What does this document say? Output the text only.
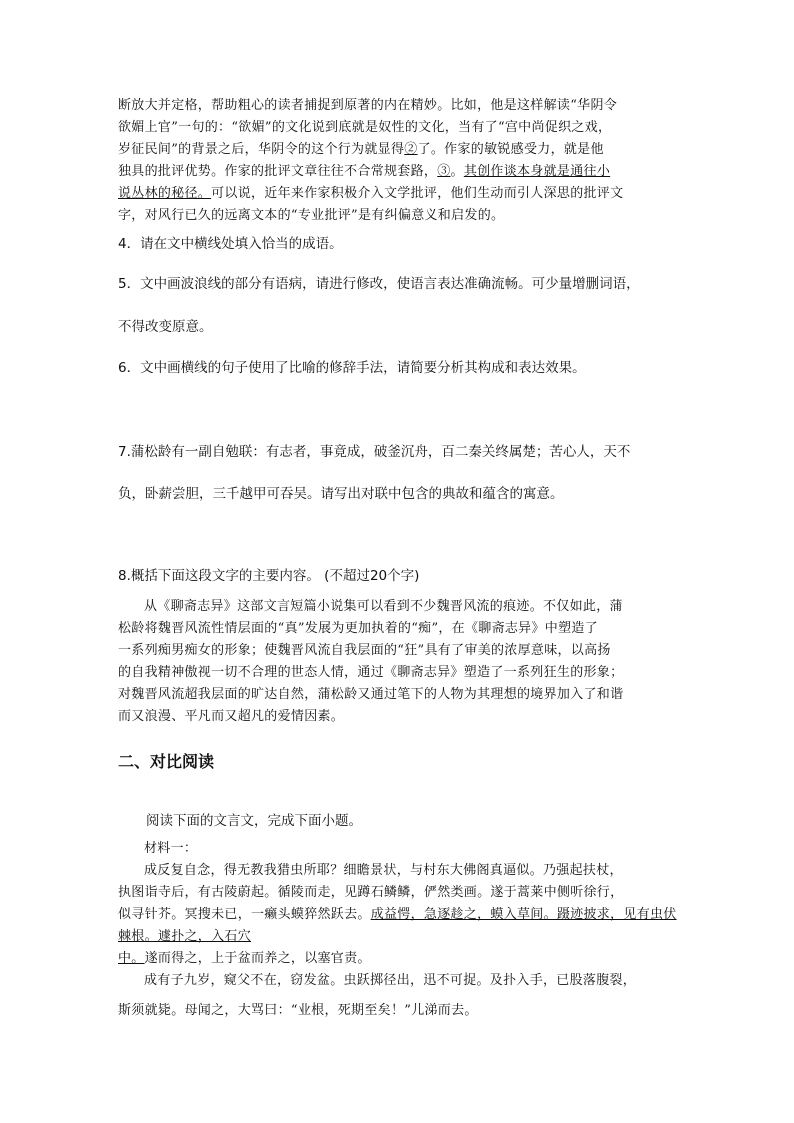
断放大并定格，帮助粗心的读者捕捉到原著的内在精妙。比如，他是这样解读“华阴令

欲媚上官”一句的：“欲媚”的文化说到底就是奴性的文化，当有了“宫中尚促织之戏，

岁征民间”的背景之后，华阴令的这个行为就显得②了。作家的敏锐感受力，就是他

独具的批评优势。作家的批评文章往往不合常规套路，③。其创作谈本身就是通往小

说丛林的秘径。可以说，近年来作家积极介入文学批评，他们生动而引人深思的批评文

字，对风行已久的远离文本的“专业批评”是有纠偏意义和启发的。

4．请在文中横线处填入恰当的成语。
5．文中画波浪线的部分有语病，请进行修改，使语言表达准确流畅。可少量增删词语，
不得改变原意。
6．文中画横线的句子使用了比喻的修辞手法，请简要分析其构成和表达效果。
7.蒲松龄有一副自勉联：有志者，事竟成，破釜沉舟，百二秦关终属楚；苦心人，天不
负，卧薪尝胆，三千越甲可吞吴。请写出对联中包含的典故和蕴含的寓意。
8.概括下面这段文字的主要内容。 (不超过20个字)

从《聊斋志异》这部文言短篇小说集可以看到不少魏晋风流的痕迹。不仅如此，蒲

松龄将魏晋风流性情层面的“真”发展为更加执着的“痴”，在《聊斋志异》中塑造了

一系列痴男痴女的形象；使魏晋风流自我层面的“狂”具有了审美的浓厚意味，以高扬

的自我精神傲视一切不合理的世态人情，通过《聊斋志异》塑造了一系列狂生的形象；

对魏晋风流超我层面的旷达自然，蒲松龄又通过笔下的人物为其理想的境界加入了和谐

而又浪漫、平凡而又超凡的爱情因素。

二、对比阅读
阅读下面的文言文，完成下面小题。

材料一：

成反复自念，得无教我猎虫所耶？细瞻景状，与村东大佛阁真逼似。乃强起扶杖，

执图诣寺后，有古陵蔚起。循陵而走，见蹲石鳞鳞，俨然类画。遂于蒿莱中侧听徐行，

似寻针芥。冥搜未已，一癞头蟆猝然跃去。成益愕，急逐趁之，蟆入草间。蹑迹披求，见有虫伏棘根。遽扑之，入石穴

中。遂而得之，上于盆而养之，以塞官责。

成有子九岁，窥父不在，窃发盆。虫跃掷径出，迅不可捉。及扑入手，已股落腹裂，

斯须就毙。母闻之，大骂曰：“业根，死期至矣！”儿涕而去。
